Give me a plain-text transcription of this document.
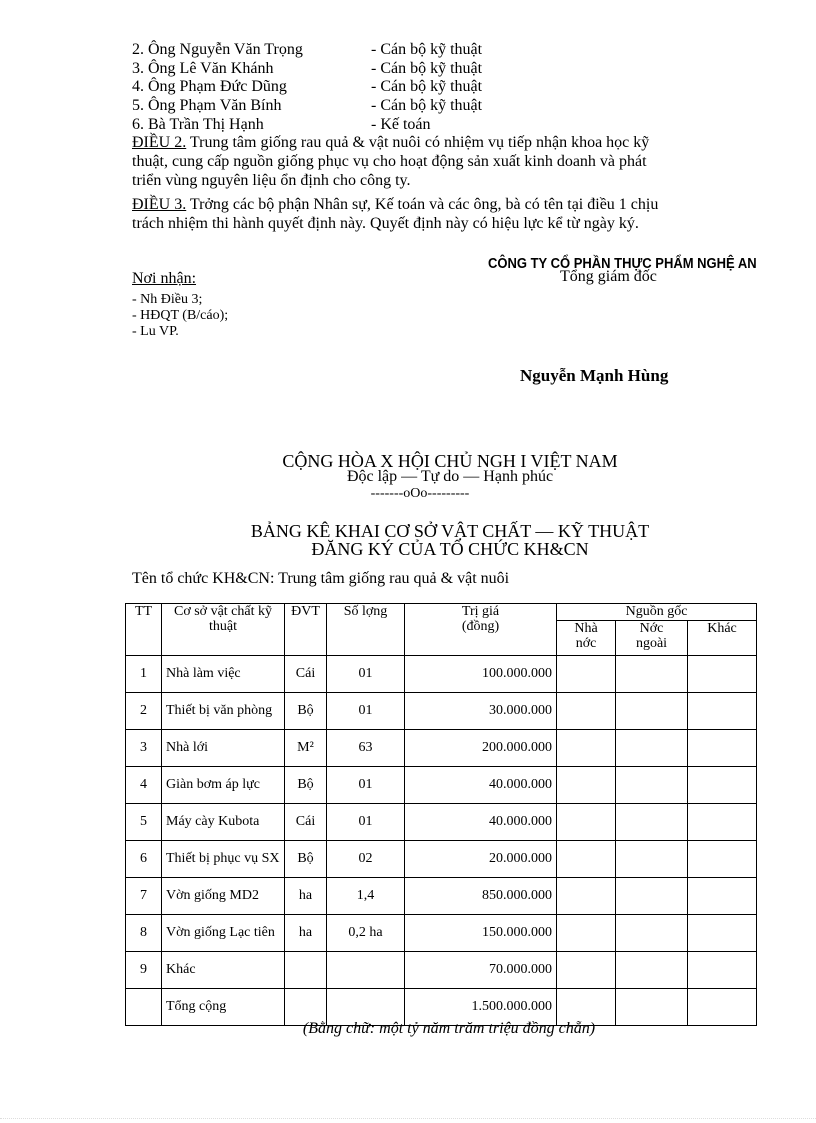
2. Ông Nguyễn Văn Trọng	- Cán bộ kỹ thuật
3. Ông Lê Văn Khánh	- Cán bộ kỹ thuật
4. Ông Phạm Đức Dũng	- Cán bộ kỹ thuật
5. Ông Phạm Văn Bính	- Cán bộ kỹ thuật
6. Bà Trần Thị Hạnh	- Kế toán
ĐIỀU 2. Trung tâm giống rau quả & vật nuôi có nhiệm vụ tiếp nhận khoa học kỹ
thuật, cung cấp nguồn giống phục vụ cho hoạt động sản xuất kinh doanh và phát
triển vùng nguyên liệu ổn định cho công ty.
ĐIỀU 3. Trởng các bộ phận Nhân sự, Kế toán và các ông, bà có tên tại điều 1 chịu
trách nhiệm thi hành quyết định này. Quyết định này có hiệu lực kể từ ngày ký.
CÔNG TY CỔ PHẦN THỰC PHẨM NGHỆ AN
Tổng giám đốc
Nguyễn Mạnh Hùng
Nơi nhận:
- Nh Điều 3;
- HĐQT (B/cáo);
- Lu VP.
CỘNG HÒA X HỘI CHỦ NGH I VIỆT NAM
Độc lập — Tự do — Hạnh phúc
-------oOo---------
BẢNG KÊ KHAI CƠ SỞ VẬT CHẤT — KỸ THUẬT
ĐĂNG KÝ CỦA TỔ CHỨC KH&CN
Tên tổ chức KH&CN: Trung tâm giống rau quả & vật nuôi
TT	Cơ sở vật chất kỹ thuật	ĐVT	Số lợng	Trị giá (đồng)	Nguồn gốc		
					Nhà nớc	Nớc ngoài	Khác
1	Nhà làm việc	Cái	01	100.000.000			
2	Thiết bị văn phòng	Bộ	01	30.000.000			
3	Nhà lới	M²	63	200.000.000			
4	Giàn bơm áp lực	Bộ	01	40.000.000			
5	Máy cày Kubota	Cái	01	40.000.000			
6	Thiết bị phục vụ SX	Bộ	02	20.000.000			
7	Vờn giống MD2	ha	1,4	850.000.000			
8	Vờn giống Lạc tiên	ha	0,2 ha	150.000.000			
9	Khác			70.000.000			
	Tổng cộng			1.500.000.000			
(Bằng chữ: một tỷ năm trăm triệu đồng chẵn)
